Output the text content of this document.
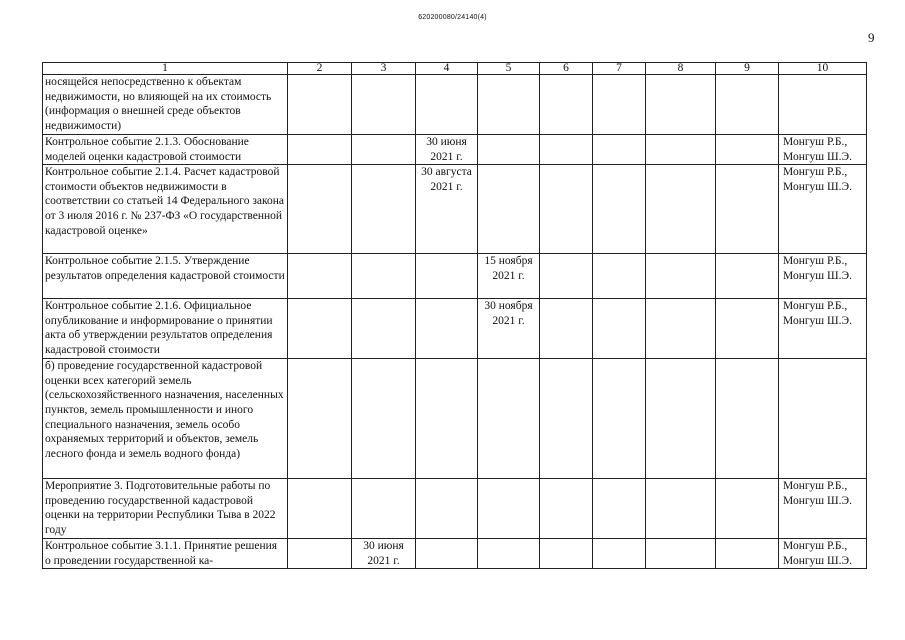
620200080/24140(4)
9
1	2	3	4	5	6	7	8	9	10
носящейся непосредственно к объектам недвижимости, но влияющей на их стоимость (информация о внешней среде объектов недвижимости)									
Контрольное событие 2.1.3. Обоснование моделей оценки кадастровой стоимости			30 июня 2021 г.						Монгуш Р.Б., Монгуш Ш.Э.
Контрольное событие 2.1.4. Расчет кадастровой стоимости объектов недвижимости в соответствии со статьей 14 Федерального закона от 3 июля 2016 г. № 237-ФЗ «О государственной кадастровой оценке»			30 августа 2021 г.						Монгуш Р.Б., Монгуш Ш.Э.
Контрольное событие 2.1.5. Утверждение результатов определения кадастровой стоимости				15 ноября 2021 г.					Монгуш Р.Б., Монгуш Ш.Э.
Контрольное событие 2.1.6. Официальное опубликование и информирование о принятии акта об утверждении результатов определения кадастровой стоимости				30 ноября 2021 г.					Монгуш Р.Б., Монгуш Ш.Э.
б) проведение государственной кадастровой оценки всех категорий земель (сельскохозяйственного назначения, населенных пунктов, земель промышленности и иного специального назначения, земель особо охраняемых территорий и объектов, земель лесного фонда и земель водного фонда)									
Мероприятие 3. Подготовительные работы по проведению государственной кадастровой оценки на территории Республики Тыва в 2022 году									Монгуш Р.Б., Монгуш Ш.Э.
Контрольное событие 3.1.1. Принятие решения о проведении государственной ка-		30 июня 2021 г.							Монгуш Р.Б., Монгуш Ш.Э.
